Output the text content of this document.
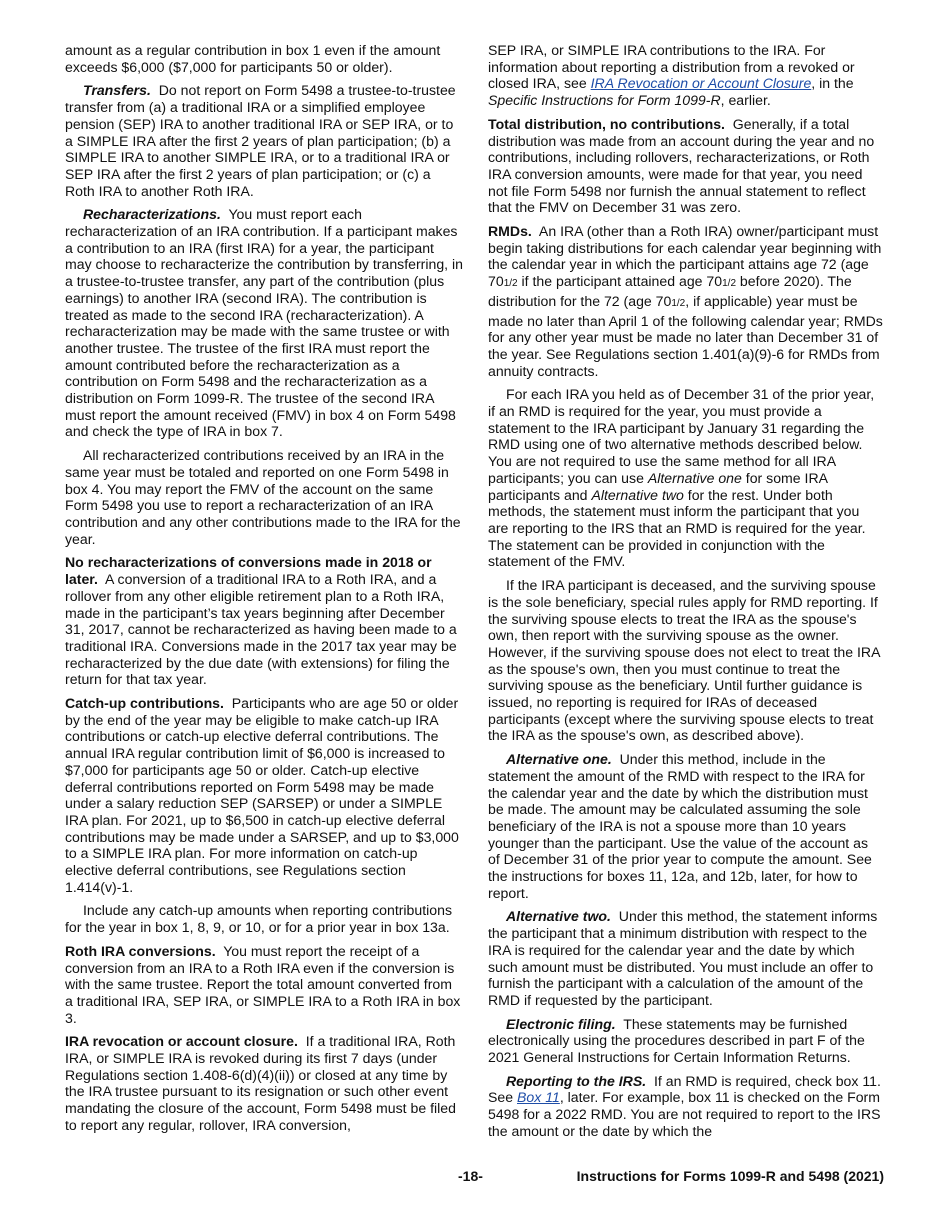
amount as a regular contribution in box 1 even if the amount exceeds $6,000 ($7,000 for participants 50 or older).

Transfers. Do not report on Form 5498 a trustee-to-trustee transfer from (a) a traditional IRA or a simplified employee pension (SEP) IRA to another traditional IRA or SEP IRA, or to a SIMPLE IRA after the first 2 years of plan participation; (b) a SIMPLE IRA to another SIMPLE IRA, or to a traditional IRA or SEP IRA after the first 2 years of plan participation; or (c) a Roth IRA to another Roth IRA.

Recharacterizations. You must report each recharacterization of an IRA contribution. If a participant makes a contribution to an IRA (first IRA) for a year, the participant may choose to recharacterize the contribution by transferring, in a trustee-to-trustee transfer, any part of the contribution (plus earnings) to another IRA (second IRA). The contribution is treated as made to the second IRA (recharacterization). A recharacterization may be made with the same trustee or with another trustee. The trustee of the first IRA must report the amount contributed before the recharacterization as a contribution on Form 5498 and the recharacterization as a distribution on Form 1099-R. The trustee of the second IRA must report the amount received (FMV) in box 4 on Form 5498 and check the type of IRA in box 7.

All recharacterized contributions received by an IRA in the same year must be totaled and reported on one Form 5498 in box 4. You may report the FMV of the account on the same Form 5498 you use to report a recharacterization of an IRA contribution and any other contributions made to the IRA for the year.

No recharacterizations of conversions made in 2018 or later. A conversion of a traditional IRA to a Roth IRA, and a rollover from any other eligible retirement plan to a Roth IRA, made in the participant’s tax years beginning after December 31, 2017, cannot be recharacterized as having been made to a traditional IRA. Conversions made in the 2017 tax year may be recharacterized by the due date (with extensions) for filing the return for that tax year.

Catch-up contributions. Participants who are age 50 or older by the end of the year may be eligible to make catch-up IRA contributions or catch-up elective deferral contributions. The annual IRA regular contribution limit of $6,000 is increased to $7,000 for participants age 50 or older. Catch-up elective deferral contributions reported on Form 5498 may be made under a salary reduction SEP (SARSEP) or under a SIMPLE IRA plan. For 2021, up to $6,500 in catch-up elective deferral contributions may be made under a SARSEP, and up to $3,000 to a SIMPLE IRA plan. For more information on catch-up elective deferral contributions, see Regulations section 1.414(v)-1.

Include any catch-up amounts when reporting contributions for the year in box 1, 8, 9, or 10, or for a prior year in box 13a.

Roth IRA conversions. You must report the receipt of a conversion from an IRA to a Roth IRA even if the conversion is with the same trustee. Report the total amount converted from a traditional IRA, SEP IRA, or SIMPLE IRA to a Roth IRA in box 3.

IRA revocation or account closure. If a traditional IRA, Roth IRA, or SIMPLE IRA is revoked during its first 7 days (under Regulations section 1.408-6(d)(4)(ii)) or closed at any time by the IRA trustee pursuant to its resignation or such other event mandating the closure of the account, Form 5498 must be filed to report any regular, rollover, IRA conversion,

SEP IRA, or SIMPLE IRA contributions to the IRA. For information about reporting a distribution from a revoked or closed IRA, see IRA Revocation or Account Closure, in the Specific Instructions for Form 1099-R, earlier.

Total distribution, no contributions. Generally, if a total distribution was made from an account during the year and no contributions, including rollovers, recharacterizations, or Roth IRA conversion amounts, were made for that year, you need not file Form 5498 nor furnish the annual statement to reflect that the FMV on December 31 was zero.

RMDs. An IRA (other than a Roth IRA) owner/participant must begin taking distributions for each calendar year beginning with the calendar year in which the participant attains age 72 (age 701/2 if the participant attained age 701/2 before 2020). The distribution for the 72 (age 701/2, if applicable) year must be made no later than April 1 of the following calendar year; RMDs for any other year must be made no later than December 31 of the year. See Regulations section 1.401(a)(9)-6 for RMDs from annuity contracts.

For each IRA you held as of December 31 of the prior year, if an RMD is required for the year, you must provide a statement to the IRA participant by January 31 regarding the RMD using one of two alternative methods described below. You are not required to use the same method for all IRA participants; you can use Alternative one for some IRA participants and Alternative two for the rest. Under both methods, the statement must inform the participant that you are reporting to the IRS that an RMD is required for the year. The statement can be provided in conjunction with the statement of the FMV.

If the IRA participant is deceased, and the surviving spouse is the sole beneficiary, special rules apply for RMD reporting. If the surviving spouse elects to treat the IRA as the spouse's own, then report with the surviving spouse as the owner. However, if the surviving spouse does not elect to treat the IRA as the spouse's own, then you must continue to treat the surviving spouse as the beneficiary. Until further guidance is issued, no reporting is required for IRAs of deceased participants (except where the surviving spouse elects to treat the IRA as the spouse's own, as described above).

Alternative one. Under this method, include in the statement the amount of the RMD with respect to the IRA for the calendar year and the date by which the distribution must be made. The amount may be calculated assuming the sole beneficiary of the IRA is not a spouse more than 10 years younger than the participant. Use the value of the account as of December 31 of the prior year to compute the amount. See the instructions for boxes 11, 12a, and 12b, later, for how to report.

Alternative two. Under this method, the statement informs the participant that a minimum distribution with respect to the IRA is required for the calendar year and the date by which such amount must be distributed. You must include an offer to furnish the participant with a calculation of the amount of the RMD if requested by the participant.

Electronic filing. These statements may be furnished electronically using the procedures described in part F of the 2021 General Instructions for Certain Information Returns.

Reporting to the IRS. If an RMD is required, check box 11. See Box 11, later. For example, box 11 is checked on the Form 5498 for a 2022 RMD. You are not required to report to the IRS the amount or the date by which the

-18-	Instructions for Forms 1099-R and 5498 (2021)
